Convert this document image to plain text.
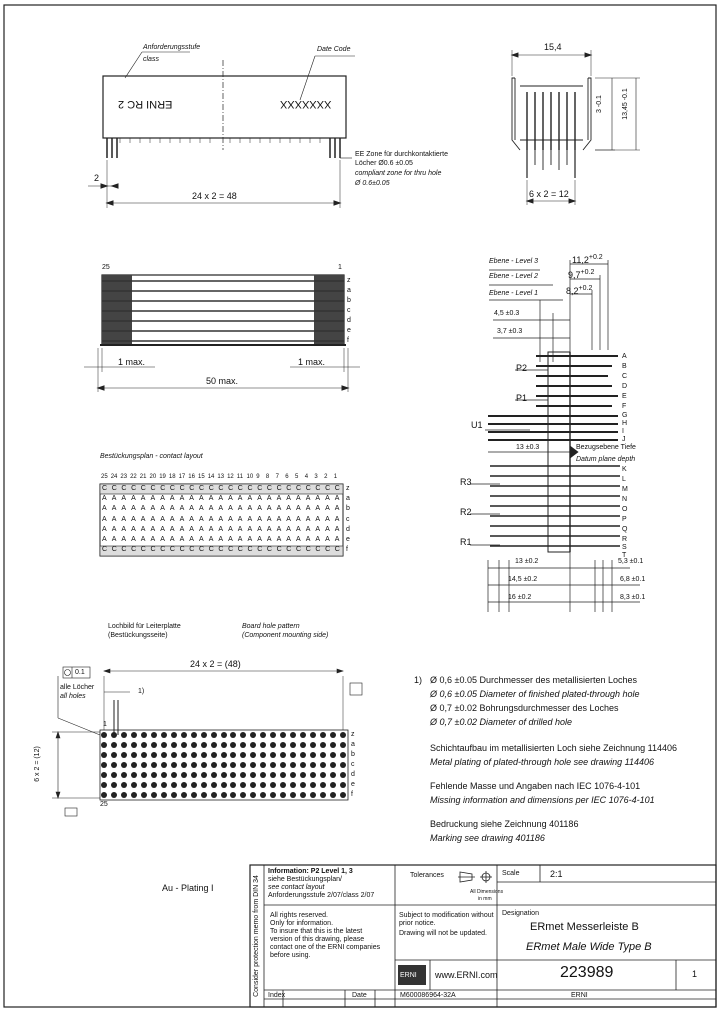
Anforderungsstufe
class
Date Code
ERNI RC 2	XXXXXXX
24 x 2 = 48
2
EE Zone für durchkontaktierte
Löcher Ø0.6 ±0.05
compliant zone for thru hole
Ø 0.6±0.05
15,4
3 -0.1	13,45 -0.1
6 x 2 = 12
25	1
z
a
b
c
d
e
f
1 max.	1 max.
50 max.
Ebene - Level 3
Ebene - Level 2
Ebene - Level 1
$11,2^{+0.2}$
$9,7^{+0.2}$
$8,2^{+0.2}$
4,5 ±0.3
3,7 ±0.3
P2
P1
U1
R3
R2
R1
A
B
C
D
E
F
G
H
I
J
K
L
M
N
O
P
Q
R
S
T
Bezugsebene Tiefe
Datum plane depth
13 ±0.3
13 ±0.2
14,5 ±0.2
16 ±0.2
5,3 ±0.1
6,8 ±0.1
8,3 ±0.1
Bestückungsplan - contact layout
25 24 23 22 21 20 19 18 17 16 15 14 13 12 11 10 9 8 7 6 5 4 3 2 1
C C C C C C C C C C C C C C C C C C C C C C C C C z
A A A A A A A A A A A A A A A A A A A A A A A A A a
A A A A A A A A A A A A A A A A A A A A A A A A A b
A A A A A A A A A A A A A A A A A A A A A A A A A c
A A A A A A A A A A A A A A A A A A A A A A A A A d
A A A A A A A A A A A A A A A A A A A A A A A A A e
C C C C C C C C C C C C C C C C C C C C C C C C C f
Lochbild für Leiterplatte
(Bestückungsseite)
Board hole pattern
(Component mounting side)
24 x 2 = (48)
0.1
alle Löcher
all holes
1)
6 x 2 = (12)
1
25
z
a
b
c
d
e
f
1) Ø 0,6 ±0.05 Durchmesser des metallisierten Loches
Ø 0,6 ±0.05 Diameter of finished plated-through hole
Ø 0,7 ±0.02 Bohrungsdurchmesser des Loches
Ø 0,7 ±0.02 Diameter of drilled hole
Schichtaufbau im metallisierten Loch siehe Zeichnung 114406
Metal plating of plated-through hole see drawing 114406
Fehlende Masse und Angaben nach IEC 1076-4-101
Missing information and dimensions per IEC 1076-4-101
Bedruckung siehe Zeichnung 401186
Marking see drawing 401186
Au - Plating I	Consider protection memo from DIN 34
Information: P2 Level 1, 3
siehe Bestückungsplan/
see contact layout
Anforderungsstufe 2/07/class 2/07
All rights reserved.
Only for information.
To insure that this is the latest
version of this drawing, please
contact one of the ERNI companies
before using.
Subject to modification without
prior notice.
Drawing will not be updated.
Tolerances
All Dimensions
in mm
Scale	2:1
Designation
ERmet Messerleiste B
ERmet Male Wide Type B
ERNI www.ERNI.com	223989	1
Index	Date	M600086964-32A	ERNI
